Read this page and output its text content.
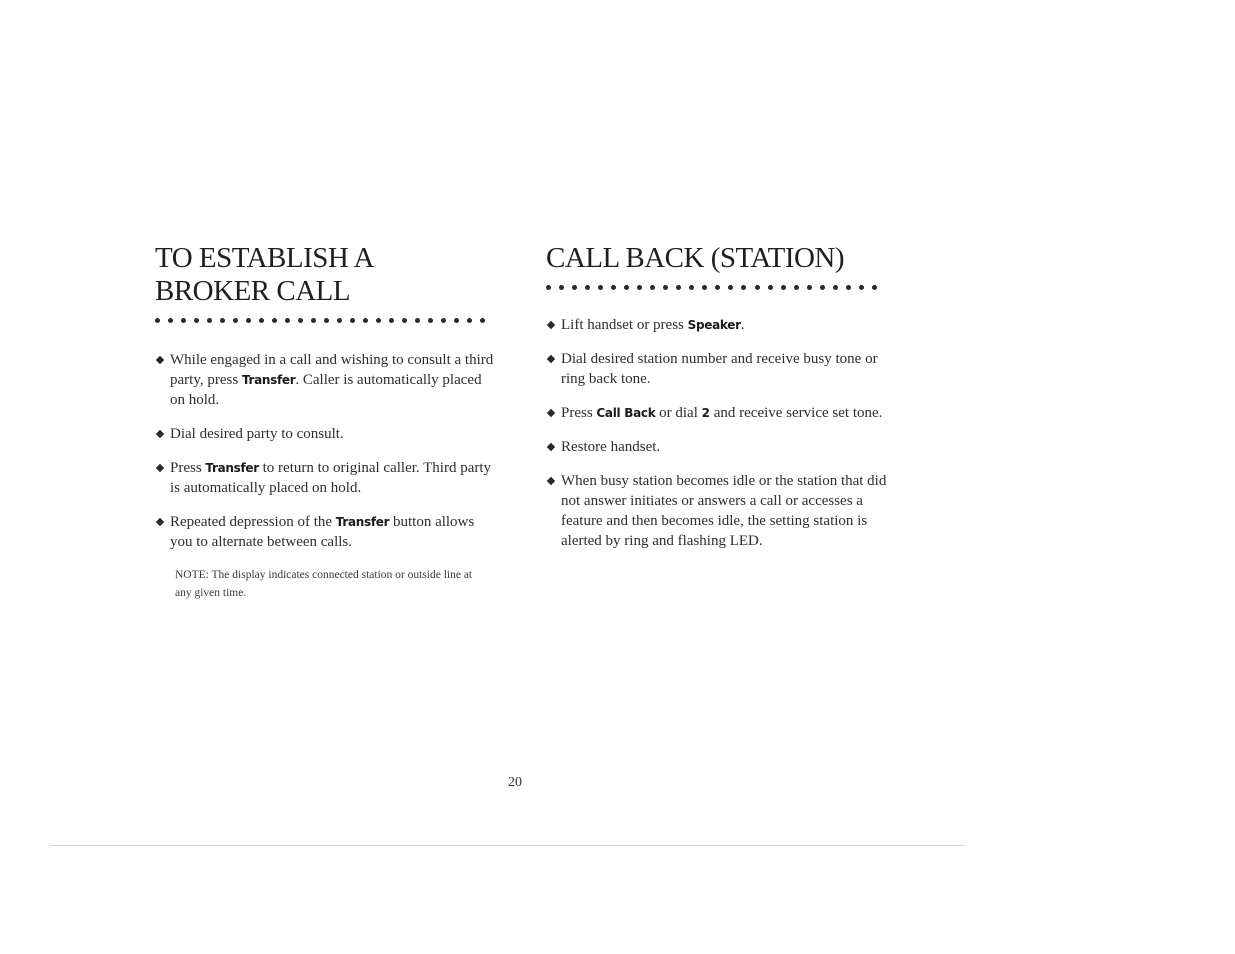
TO ESTABLISH A
BROKER CALL
While engaged in a call and wishing to consult a third party, press Transfer. Caller is automatically placed on hold.
Dial desired party to consult.
Press Transfer to return to original caller. Third party is automatically placed on hold.
Repeated depression of the Transfer button allows you to alternate between calls.
NOTE: The display indicates connected station or outside line at any given time.
CALL BACK (STATION)
Lift handset or press Speaker.
Dial desired station number and receive busy tone or ring back tone.
Press Call Back or dial 2 and receive service set tone.
Restore handset.
When busy station becomes idle or the station that did not answer initiates or answers a call or accesses a feature and then becomes idle, the setting station is alerted by ring and flashing LED.
20
